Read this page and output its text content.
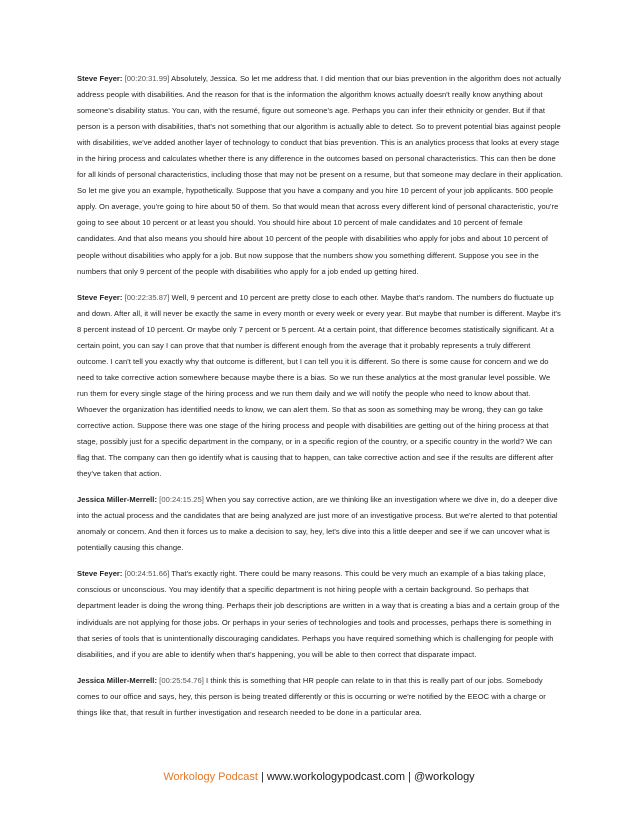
Steve Feyer: [00:20:31.99] Absolutely, Jessica. So let me address that. I did mention that our bias prevention in the algorithm does not actually address people with disabilities. And the reason for that is the information the algorithm knows actually doesn't really know anything about someone's disability status. You can, with the resumé, figure out someone's age. Perhaps you can infer their ethnicity or gender. But if that person is a person with disabilities, that's not something that our algorithm is actually able to detect. So to prevent potential bias against people with disabilities, we've added another layer of technology to conduct that bias prevention. This is an analytics process that looks at every stage in the hiring process and calculates whether there is any difference in the outcomes based on personal characteristics. This can then be done for all kinds of personal characteristics, including those that may not be present on a resume, but that someone may declare in their application. So let me give you an example, hypothetically. Suppose that you have a company and you hire 10 percent of your job applicants. 500 people apply. On average, you're going to hire about 50 of them. So that would mean that across every different kind of personal characteristic, you're going to see about 10 percent or at least you should. You should hire about 10 percent of male candidates and 10 percent of female candidates. And that also means you should hire about 10 percent of the people with disabilities who apply for jobs and about 10 percent of people without disabilities who apply for a job. But now suppose that the numbers show you something different. Suppose you see in the numbers that only 9 percent of the people with disabilities who apply for a job ended up getting hired.

Steve Feyer: [00:22:35.87] Well, 9 percent and 10 percent are pretty close to each other. Maybe that's random. The numbers do fluctuate up and down. After all, it will never be exactly the same in every month or every week or every year. But maybe that number is different. Maybe it's 8 percent instead of 10 percent. Or maybe only 7 percent or 5 percent. At a certain point, that difference becomes statistically significant. At a certain point, you can say I can prove that that number is different enough from the average that it probably represents a truly different outcome. I can't tell you exactly why that outcome is different, but I can tell you it is different. So there is some cause for concern and we do need to take corrective action somewhere because maybe there is a bias. So we run these analytics at the most granular level possible. We run them for every single stage of the hiring process and we run them daily and we will notify the people who need to know about that. Whoever the organization has identified needs to know, we can alert them. So that as soon as something may be wrong, they can go take corrective action. Suppose there was one stage of the hiring process and people with disabilities are getting out of the hiring process at that stage, possibly just for a specific department in the company, or in a specific region of the country, or a specific country in the world? We can flag that. The company can then go identify what is causing that to happen, can take corrective action and see if the results are different after they've taken that action.

Jessica Miller-Merrell: [00:24:15.25] When you say corrective action, are we thinking like an investigation where we dive in, do a deeper dive into the actual process and the candidates that are being analyzed are just more of an investigative process. But we're alerted to that potential anomaly or concern. And then it forces us to make a decision to say, hey, let's dive into this a little deeper and see if we can uncover what is potentially causing this change.

Steve Feyer: [00:24:51.66] That's exactly right. There could be many reasons. This could be very much an example of a bias taking place, conscious or unconscious. You may identify that a specific department is not hiring people with a certain background. So perhaps that department leader is doing the wrong thing. Perhaps their job descriptions are written in a way that is creating a bias and a certain group of the individuals are not applying for those jobs. Or perhaps in your series of technologies and tools and processes, perhaps there is something in that series of tools that is unintentionally discouraging candidates. Perhaps you have required something which is challenging for people with disabilities, and if you are able to identify when that's happening, you will be able to then correct that disparate impact.

Jessica Miller-Merrell: [00:25:54.76] I think this is something that HR people can relate to in that this is really part of our jobs. Somebody comes to our office and says, hey, this person is being treated differently or this is occurring or we're notified by the EEOC with a charge or things like that, that result in further investigation and research needed to be done in a particular area.

Workology Podcast | www.workologypodcast.com | @workology
